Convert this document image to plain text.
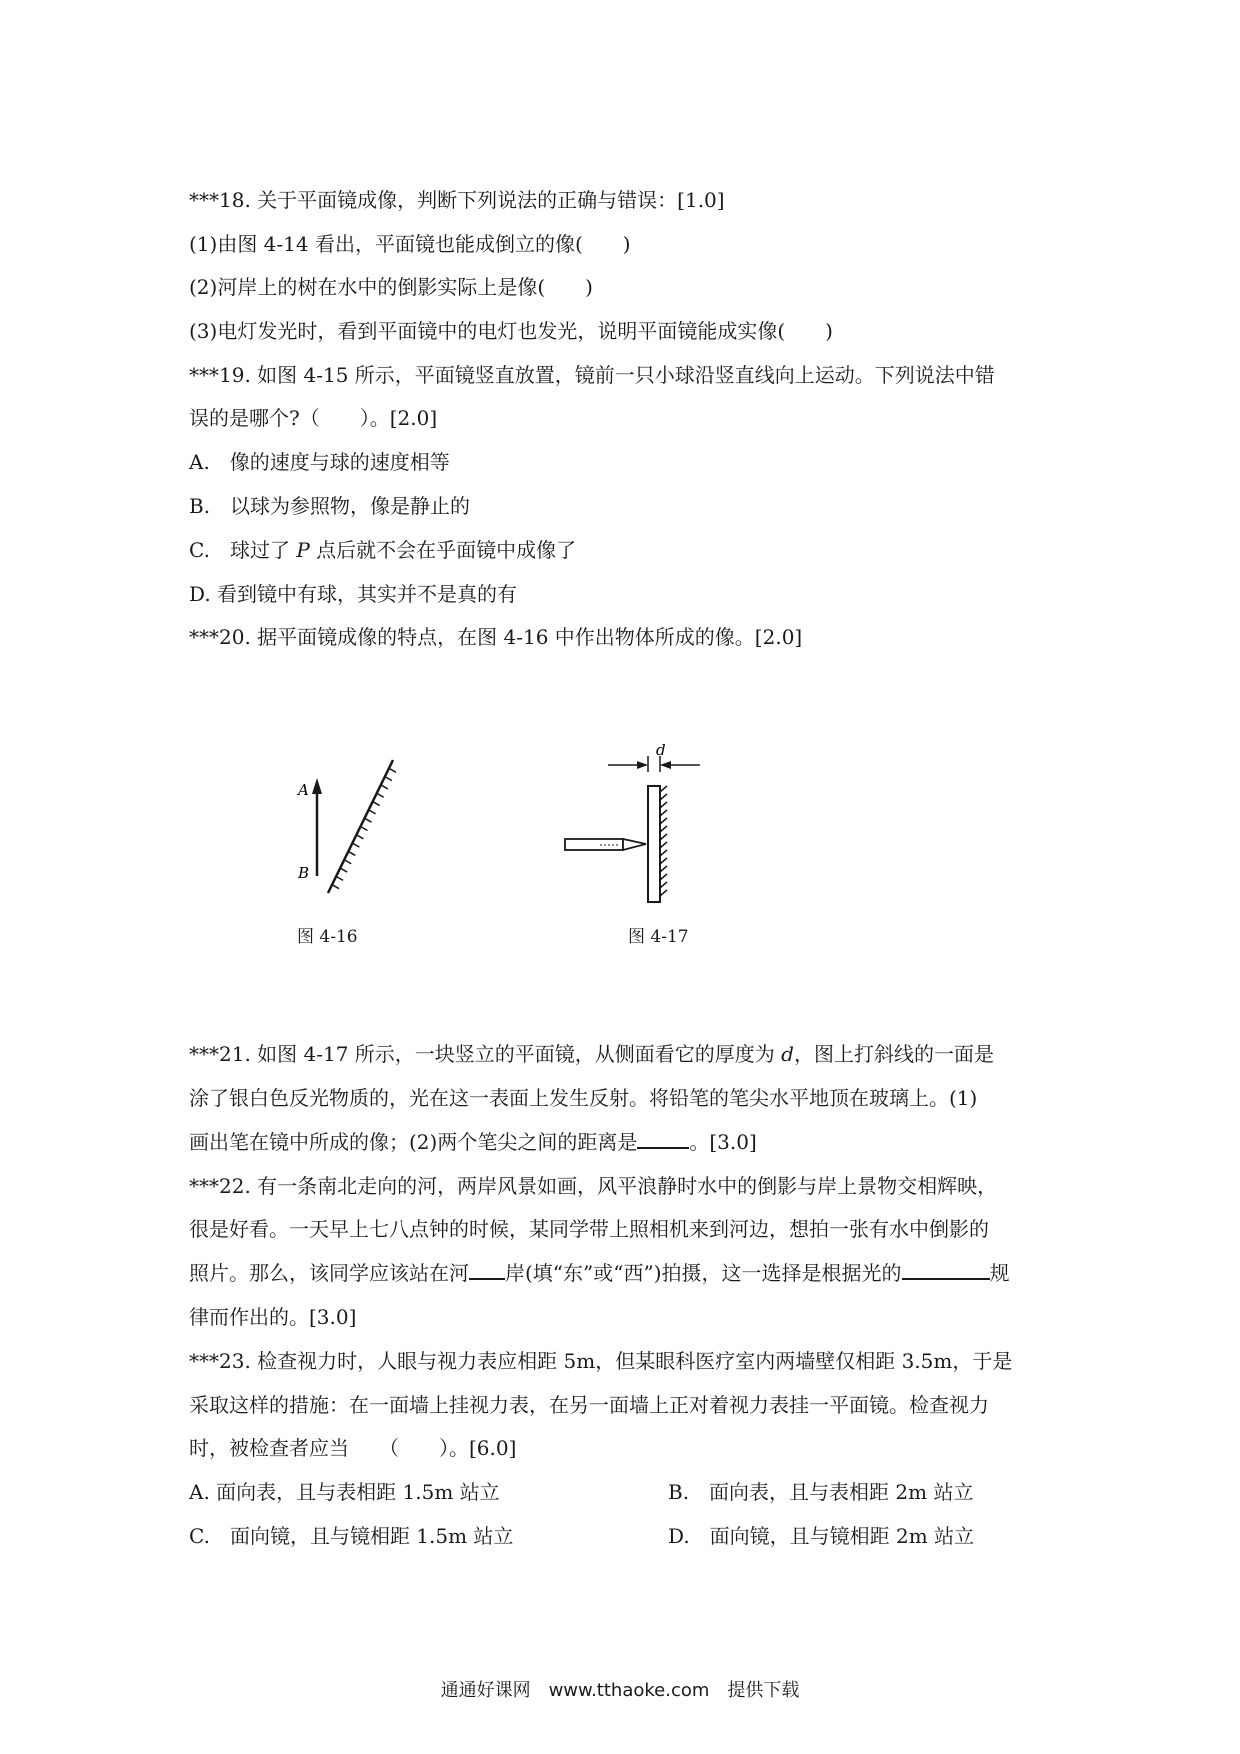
***18. 关于平面镜成像，判断下列说法的正确与错误：[1.0]
(1)由图 4-14 看出，平面镜也能成倒立的像(　　)
(2)河岸上的树在水中的倒影实际上是像(　　)
(3)电灯发光时，看到平面镜中的电灯也发光，说明平面镜能成实像(　　)
***19. 如图 4-15 所示，平面镜竖直放置，镜前一只小球沿竖直线向上运动。下列说法中错
误的是哪个?（　　）。[2.0]
A.　像的速度与球的速度相等
B.　以球为参照物，像是静止的
C.　球过了 P 点后就不会在乎面镜中成像了
D. 看到镜中有球，其实并不是真的有
***20. 据平面镜成像的特点，在图 4-16 中作出物体所成的像。[2.0]
A
B
图 4-16
d
图 4-17
***21. 如图 4-17 所示，一块竖立的平面镜，从侧面看它的厚度为 d，图上打斜线的一面是
涂了银白色反光物质的，光在这一表面上发生反射。将铅笔的笔尖水平地顶在玻璃上。(1)
画出笔在镜中所成的像；(2)两个笔尖之间的距离是	。[3.0]
***22. 有一条南北走向的河，两岸风景如画，风平浪静时水中的倒影与岸上景物交相辉映，
很是好看。一天早上七八点钟的时候，某同学带上照相机来到河边，想拍一张有水中倒影的
照片。那么，该同学应该站在河 岸(填“东”或“西”)拍摄，这一选择是根据光的	规
律而作出的。[3.0]
***23. 检查视力时，人眼与视力表应相距 5m，但某眼科医疗室内两墙壁仅相距 3.5m，于是
采取这样的措施：在一面墙上挂视力表，在另一面墙上正对着视力表挂一平面镜。检查视力
时，被检查者应当　　（　　）。[6.0]
A. 面向表，且与表相距 1.5m 站立	B.　面向表，且与表相距 2m 站立
C.　面向镜，且与镜相距 1.5m 站立	D.　面向镜，且与镜相距 2m 站立
通通好课网　www.tthaoke.com　提供下载
